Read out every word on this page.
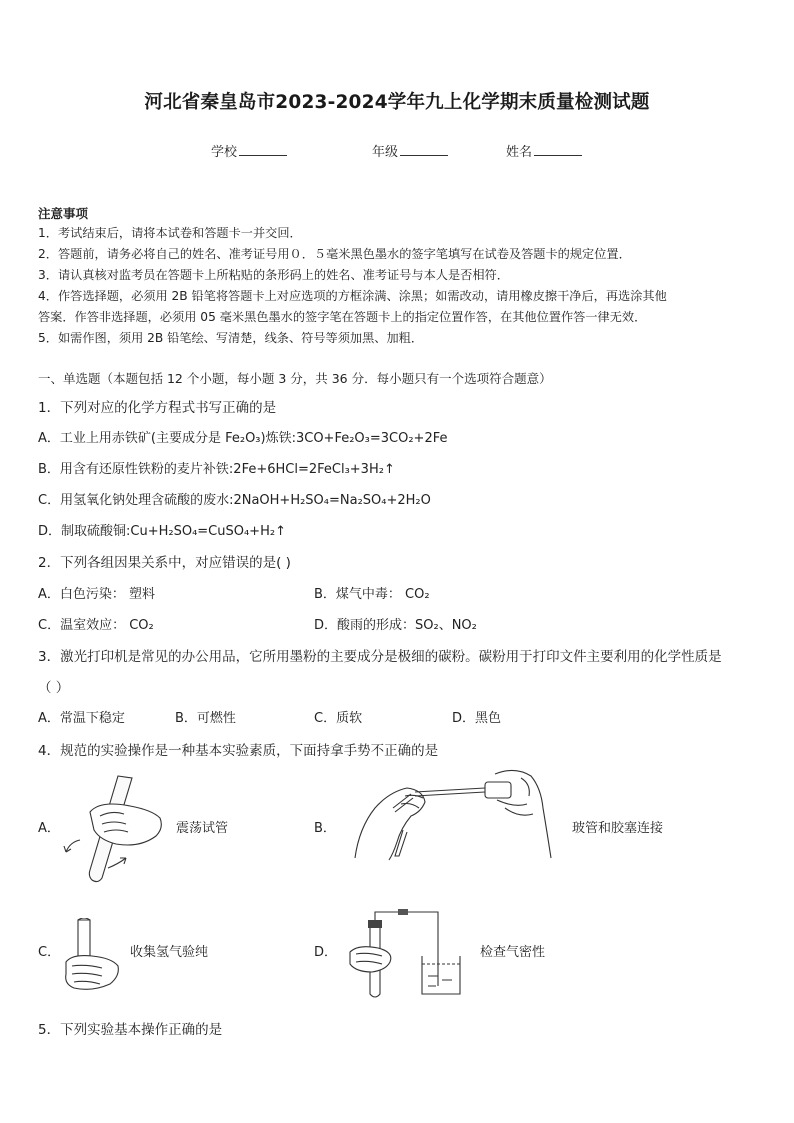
河北省秦皇岛市2023-2024学年九上化学期末质量检测试题
学校	年级	姓名
注意事项
1．考试结束后，请将本试卷和答题卡一并交回．
2．答题前，请务必将自己的姓名、准考证号用０．５毫米黑色墨水的签字笔填写在试卷及答题卡的规定位置．
3．请认真核对监考员在答题卡上所粘贴的条形码上的姓名、准考证号与本人是否相符．
4．作答选择题，必须用 2B 铅笔将答题卡上对应选项的方框涂满、涂黑；如需改动，请用橡皮擦干净后，再选涂其他
答案．作答非选择题，必须用 05 毫米黑色墨水的签字笔在答题卡上的指定位置作答，在其他位置作答一律无效．
5．如需作图，须用 2B 铅笔绘、写清楚，线条、符号等须加黑、加粗．
一、单选题（本题包括 12 个小题，每小题 3 分，共 36 分．每小题只有一个选项符合题意）
1．下列对应的化学方程式书写正确的是
A．工业上用赤铁矿(主要成分是 Fe₂O₃)炼铁:3CO+Fe₂O₃=3CO₂+2Fe
B．用含有还原性铁粉的麦片补铁:2Fe+6HCl=2FeCl₃+3H₂↑
C．用氢氧化钠处理含硫酸的废水:2NaOH+H₂SO₄=Na₂SO₄+2H₂O
D．制取硫酸铜:Cu+H₂SO₄=CuSO₄+H₂↑
2．下列各组因果关系中，对应错误的是( )
A．白色污染： 塑料	B．煤气中毒： CO₂
C．温室效应： CO₂	D．酸雨的形成：SO₂、NO₂
3．激光打印机是常见的办公用品，它所用墨粉的主要成分是极细的碳粉。碳粉用于打印文件主要利用的化学性质是
（ ）
A．常温下稳定	B．可燃性	C．质软	D．黑色
4．规范的实验操作是一种基本实验素质，下面持拿手势不正确的是
A．	震荡试管	B．	玻管和胶塞连接
C．	收集氢气验纯	D．	检查气密性
5．下列实验基本操作正确的是
